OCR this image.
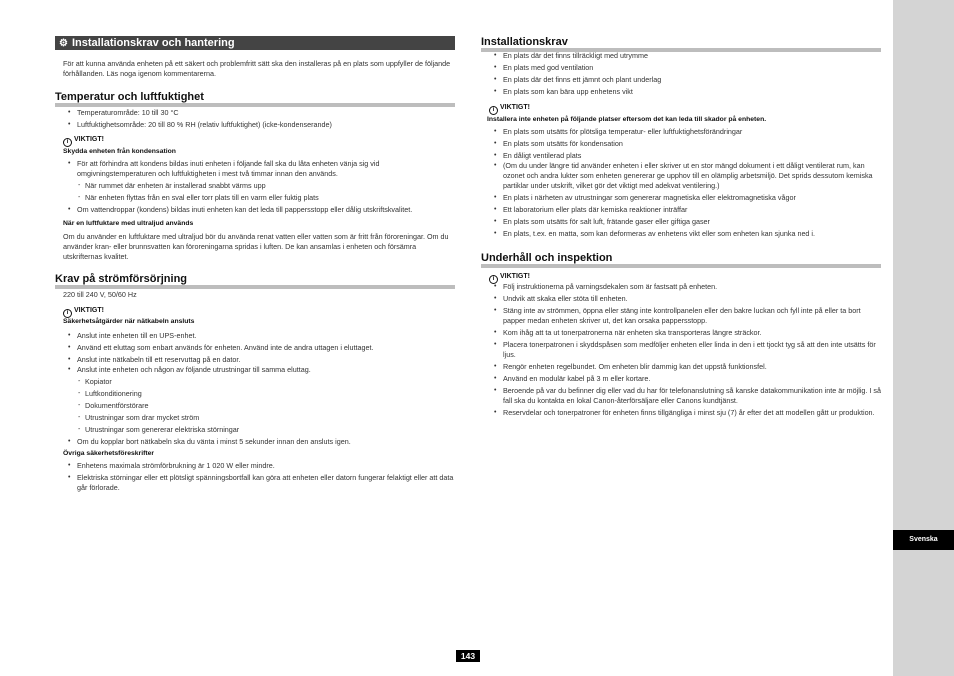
Svenska
⚙ Installationskrav och hantering

För att kunna använda enheten på ett säkert och problemfritt sätt ska den installeras på en plats som uppfyller de följande förhållanden. Läs noga igenom kommentarerna.

Temperatur och luftfuktighet
• Temperaturområde: 10 till 30 °C
• Luftfuktighetsområde: 20 till 80 % RH (relativ luftfuktighet) (icke-kondenserande)
i VIKTIGT!
Skydda enheten från kondensation
• För att förhindra att kondens bildas inuti enheten i följande fall ska du låta enheten vänja sig vid omgivningstemperaturen och luftfuktigheten i mest två timmar innan den används.
- När rummet där enheten är installerad snabbt värms upp
- När enheten flyttas från en sval eller torr plats till en varm eller fuktig plats
• Om vattendroppar (kondens) bildas inuti enheten kan det leda till pappersstopp eller dålig utskriftskvalitet.
När en luftfuktare med ultraljud används

Om du använder en luftfuktare med ultraljud bör du använda renat vatten eller vatten som är fritt från föroreningar. Om du använder kran- eller brunnsvatten kan föroreningarna spridas i luften. De kan ansamlas i enheten och försämra utskrifternas kvalitet.

Krav på strömförsörjning

220 till 240 V, 50/60 Hz

i VIKTIGT!
Säkerhetsåtgärder när nätkabeln ansluts
• Anslut inte enheten till en UPS-enhet.
• Använd ett eluttag som enbart används för enheten. Använd inte de andra uttagen i eluttaget.
• Anslut inte nätkabeln till ett reservuttag på en dator.
• Anslut inte enheten och någon av följande utrustningar till samma eluttag.
- Kopiator
- Luftkonditionering
- Dokumentförstörare
- Utrustningar som drar mycket ström
- Utrustningar som genererar elektriska störningar
• Om du kopplar bort nätkabeln ska du vänta i minst 5 sekunder innan den ansluts igen.
Övriga säkerhetsföreskrifter
• Enhetens maximala strömförbrukning är 1 020 W eller mindre.
• Elektriska störningar eller ett plötsligt spänningsbortfall kan göra att enheten eller datorn fungerar felaktigt eller att data går förlorade.
Installationskrav
• En plats där det finns tillräckligt med utrymme
• En plats med god ventilation
• En plats där det finns ett jämnt och plant underlag
• En plats som kan bära upp enhetens vikt
i VIKTIGT!
Installera inte enheten på följande platser eftersom det kan leda till skador på enheten.
• En plats som utsätts för plötsliga temperatur- eller luftfuktighetsförändringar
• En plats som utsätts för kondensation
• En dåligt ventilerad plats
• (Om du under längre tid använder enheten i eller skriver ut en stor mängd dokument i ett dåligt ventilerat rum, kan ozonet och andra lukter som enheten genererar ge upphov till en olämplig arbetsmiljö. Det sprids dessutom kemiska partiklar under utskrift, vilket gör det viktigt med adekvat ventilering.)
• En plats i närheten av utrustningar som genererar magnetiska eller elektromagnetiska vågor
• Ett laboratorium eller plats där kemiska reaktioner inträffar
• En plats som utsätts för salt luft, frätande gaser eller giftiga gaser
• En plats, t.ex. en matta, som kan deformeras av enhetens vikt eller som enheten kan sjunka ned i.
Underhåll och inspektion
i VIKTIGT!
• Följ instruktionerna på varningsdekalen som är fastsatt på enheten.
• Undvik att skaka eller stöta till enheten.
• Stäng inte av strömmen, öppna eller stäng inte kontrollpanelen eller den bakre luckan och fyll inte på eller ta bort papper medan enheten skriver ut, det kan orsaka pappersstopp.
• Kom ihåg att ta ut tonerpatronerna när enheten ska transporteras längre sträckor.
• Placera tonerpatronen i skyddspåsen som medföljer enheten eller linda in den i ett tjockt tyg så att den inte utsätts för ljus.
• Rengör enheten regelbundet. Om enheten blir dammig kan det uppstå funktionsfel.
• Använd en modulär kabel på 3 m eller kortare.
• Beroende på var du befinner dig eller vad du har för telefonanslutning så kanske datakommunikation inte är möjlig. I så fall ska du kontakta en lokal Canon-återförsäljare eller Canons kundtjänst.
• Reservdelar och tonerpatroner för enheten finns tillgängliga i minst sju (7) år efter det att modellen gått ur produktion.
143
